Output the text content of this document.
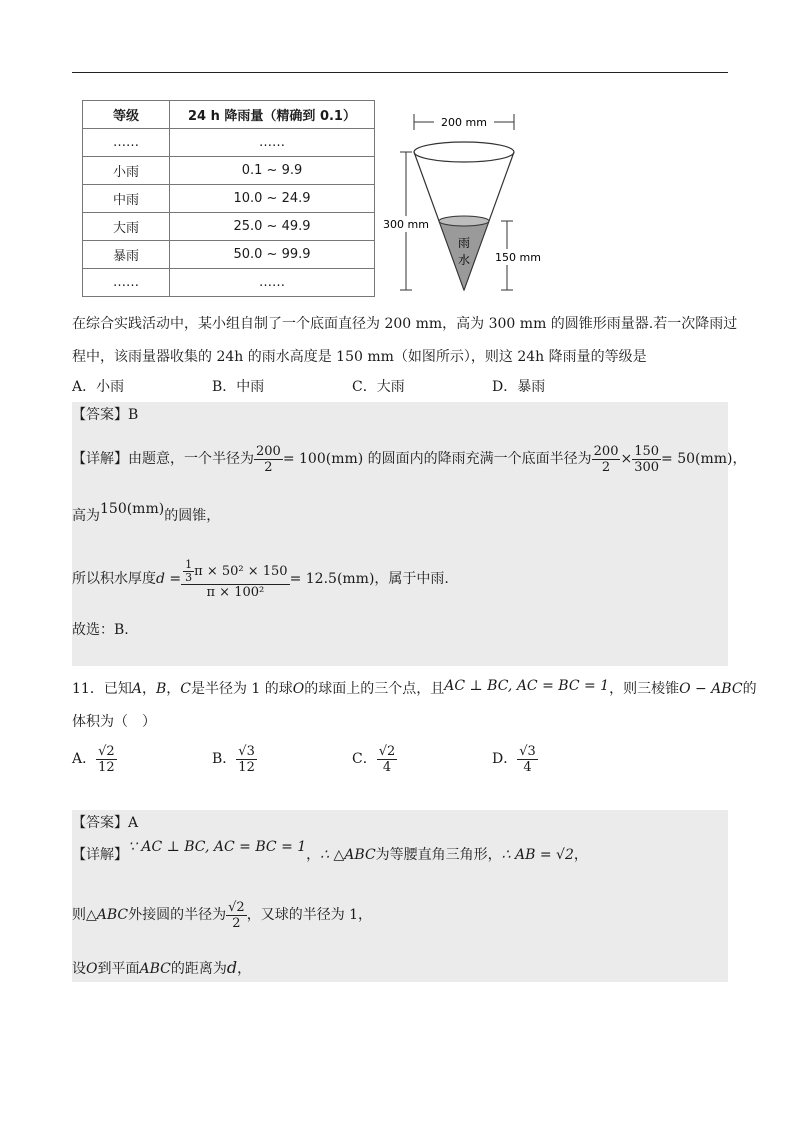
等级	24 h 降雨量（精确到 0.1）
……	……
小雨	0.1 ~ 9.9
中雨	10.0 ~ 24.9
大雨	25.0 ~ 49.9
暴雨	50.0 ~ 99.9
……	……
200 mm
雨
水
300 mm
150 mm
在综合实践活动中，某小组自制了一个底面直径为 200 mm，高为 300 mm 的圆锥形雨量器.若一次降雨过
程中，该雨量器收集的 24h 的雨水高度是 150 mm（如图所示），则这 24h 降雨量的等级是
A．小雨	B．中雨	C．大雨	D．暴雨
【答案】B
【详解】由题意，一个半径为 $\frac{200}{2} = 100(mm)$ 的圆面内的降雨充满一个底面半径为 $\frac{200}{2} \times \frac{150}{300} = 50(mm)$，
高为150(mm)的圆锥，
所以积水厚度$d = \frac{\frac{1}{3} \pi \times 50^2 \times 150}{\text{π × 100²}} = 12.5(mm)$，属于中雨.
故选：B.
11．已知A，B，C是半径为 1 的球O的球面上的三个点，且AC ⊥ BC, AC = BC = 1，则三棱锥O − ABC的
体积为（　）
A． $\frac{√2}{12}$	B． $\frac{√3}{12}$	C． $\frac{√2}{4}$	D． $\frac{√3}{4}$
【答案】A
【详解】∵ AC ⊥ BC, AC = BC = 1，∴ △ABC为等腰直角三角形，∴ AB = √2，
则△ABC外接圆的半径为 $\frac{√2}{2}$ ，又球的半径为 1，
设O到平面ABC的距离为d，
